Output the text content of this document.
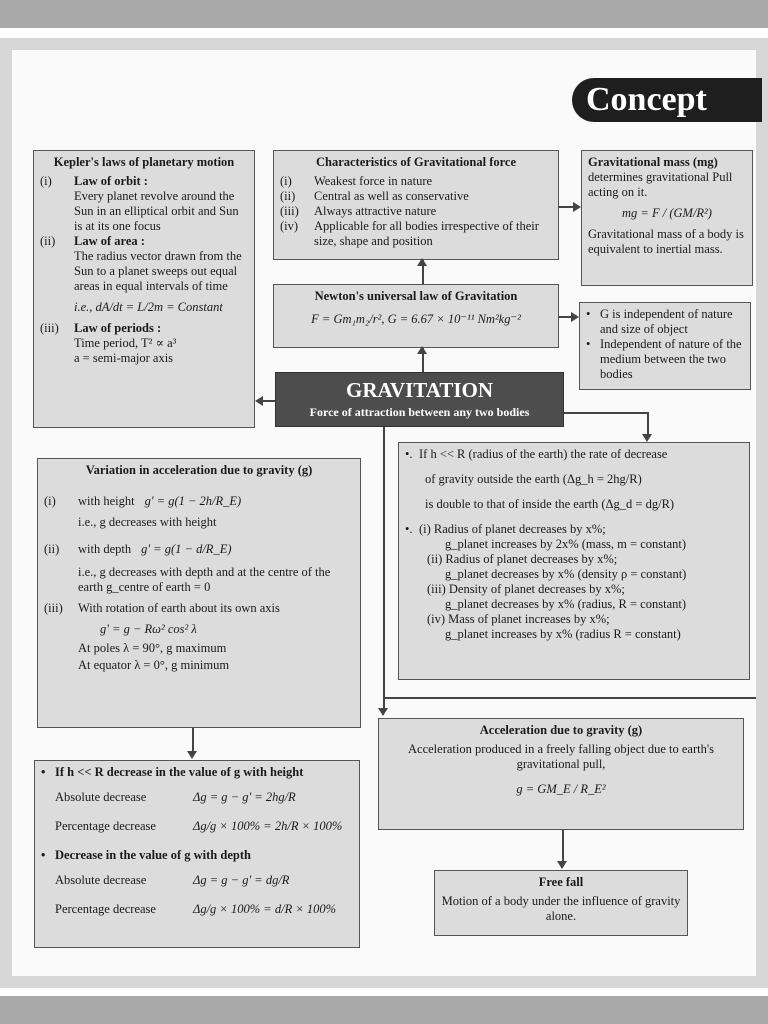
Concept
Kepler's laws of planetary motion
(i)	Law of orbit :
Every planet revolve around the Sun in an elliptical orbit and Sun is at its one focus
(ii)	Law of area :
The radius vector drawn from the Sun to a planet sweeps out equal areas in equal intervals of time
i.e., dA/dt = L/2m = Constant
(iii)	Law of periods :
Time period, T² ∝ a³
a = semi-major axis
Characteristics of Gravitational force
(i)	Weakest force in nature
(ii)	Central as well as conservative
(iii)	Always attractive nature
(iv)	Applicable for all bodies irrespective of their size, shape and position
Gravitational mass (mg)
determines gravitational Pull acting on it.
mg = F / (GM/R²)
Gravitational mass of a body is equivalent to inertial mass.
Newton's universal law of Gravitation
F = Gm₁m₂/r², G = 6.67 × 10⁻¹¹ Nm²kg⁻²	• G is independent of nature and size of object
• Independent of nature of the medium between the two bodies
GRAVITATION
Force of attraction between any two bodies
Variation in acceleration due to gravity (g)
(i)	with height g' = g(1 − 2h/R_E)
i.e., g decreases with height
(ii)	with depth g' = g(1 − d/R_E)
i.e., g decreases with depth and at the centre of the earth g_centre of earth = 0
(iii)	With rotation of earth about its own axis
g' = g − Rω² cos² λ
At poles λ = 90°, g maximum
At equator λ = 0°, g minimum
•. If h << R (radius of the earth) the rate of decrease
of gravity outside the earth (Δg_h = 2hg/R)
is double to that of inside the earth (Δg_d = dg/R)
•. (i) Radius of planet decreases by x%;
g_planet increases by 2x% (mass, m = constant)
(ii) Radius of planet decreases by x%;
g_planet decreases by x% (density ρ = constant)
(iii) Density of planet decreases by x%;
g_planet decreases by x% (radius, R = constant)
(iv) Mass of planet increases by x%;
g_planet increases by x% (radius R = constant)
• If h << R decrease in the value of g with height
Absolute decrease	Δg = g − g' = 2hg/R
Percentage decrease	Δg/g × 100% = 2h/R × 100%
• Decrease in the value of g with depth
Absolute decrease	Δg = g − g' = dg/R
Percentage decrease	Δg/g × 100% = d/R × 100%
Acceleration due to gravity (g)
Acceleration produced in a freely falling object due to earth's gravitational pull,
g = GM_E / R_E²
Free fall
Motion of a body under the influence of gravity alone.
